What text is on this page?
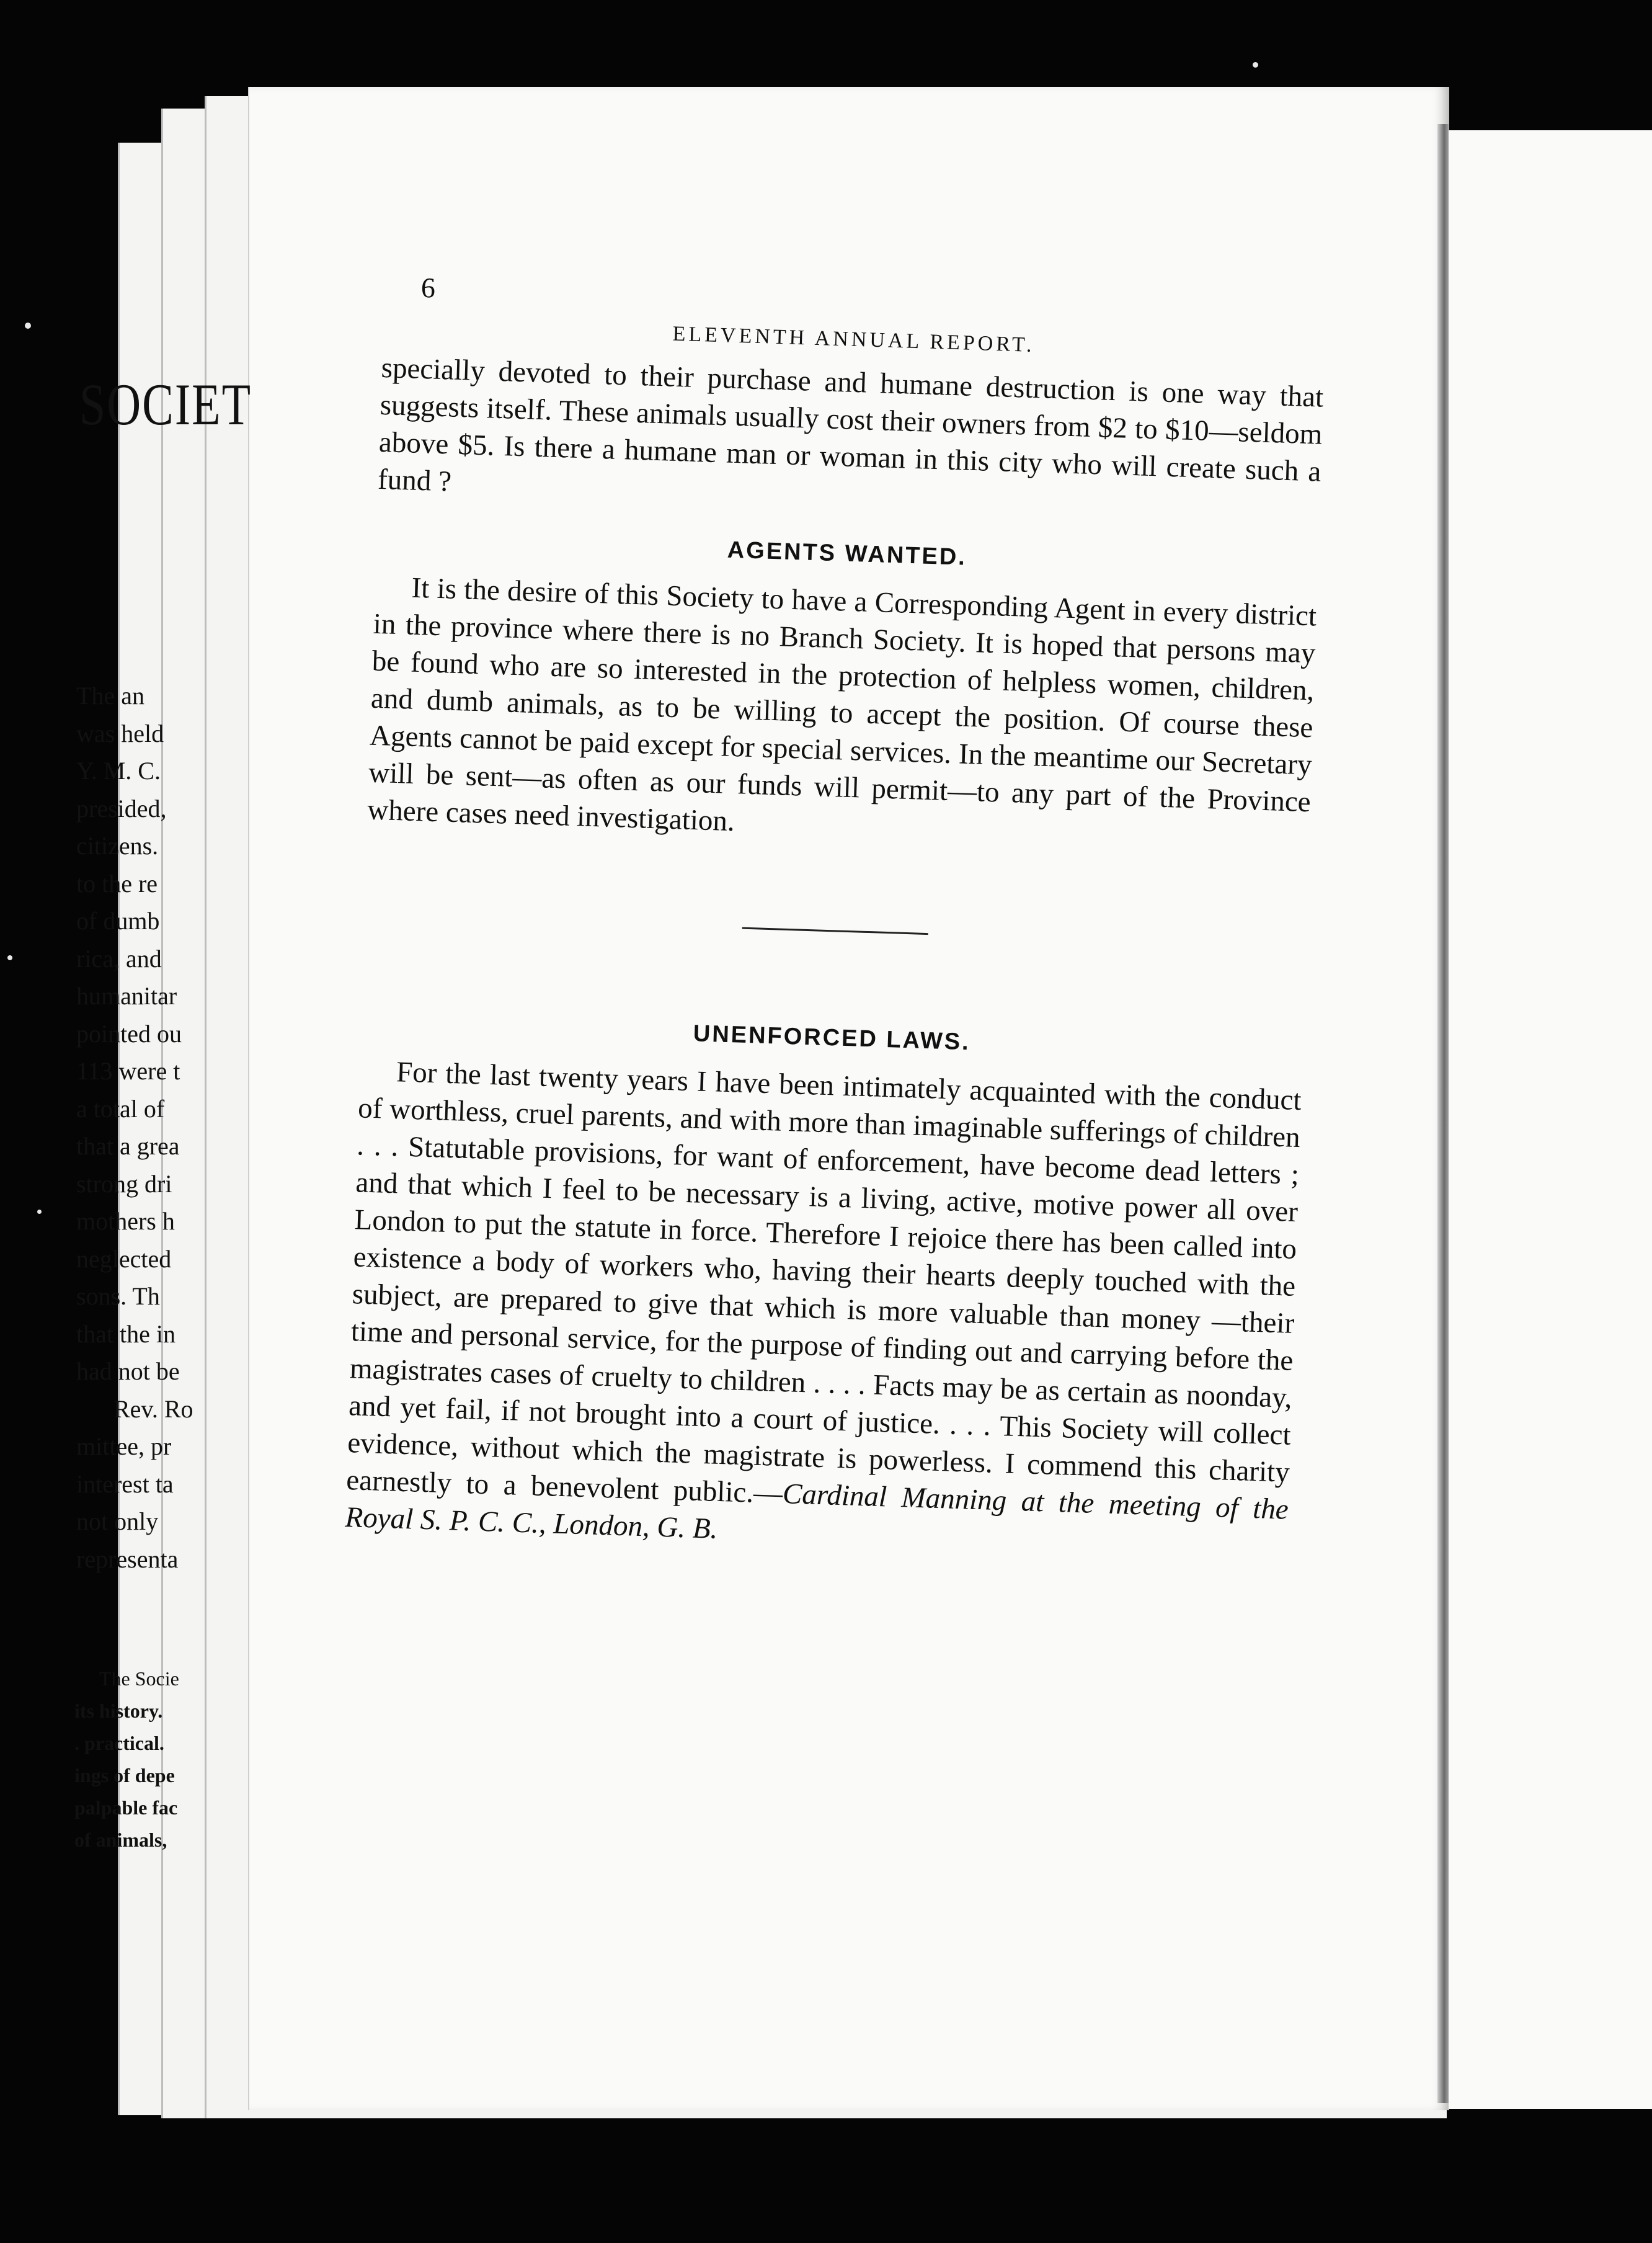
6
ELEVENTH ANNUAL REPORT.

specially devoted to their purchase and humane destruction is one way that suggests itself. These animals usually cost their owners from $2 to $10—seldom above $5. Is there a humane man or woman in this city who will create such a fund ?

AGENTS WANTED.

It is the desire of this Society to have a Corresponding Agent in every district in the province where there is no Branch Society. It is hoped that persons may be found who are so interested in the protection of helpless women, children, and dumb animals, as to be willing to accept the position. Of course these Agents cannot be paid except for special services. In the meantime our Secretary will be sent—as often as our funds will permit—to any part of the Province where cases need investigation.

UNENFORCED LAWS.

For the last twenty years I have been intimately acquainted with the conduct of worthless, cruel parents, and with more than imaginable sufferings of children . . . Statutable provisions, for want of enforcement, have become dead letters ; and that which I feel to be necessary is a living, active, motive power all over London to put the statute in force. Therefore I rejoice there has been called into existence a body of workers who, having their hearts deeply touched with the subject, are prepared to give that which is more valuable than money —their time and personal service, for the purpose of finding out and carrying before the magistrates cases of cruelty to children . . . . Facts may be as certain as noonday, and yet fail, if not brought into a court of justice. . . . This Society will collect evidence, without which the magistrate is powerless. I commend this charity earnestly to a benevolent public.—Cardinal Manning at the meeting of the Royal S. P. C. C., London, G. B.

SOCIET
The an
was held
Y. M. C.
presided,
citizens.
to the re
of dumb
rica, and
humanitar
pointed ou
113 were t
a total of
that a grea
strong dri
mothers h
neglected
sons. Th
that the in
had not be
Rev. Ro
mittee, pr
interest ta
not only
representa
The Socie
its history.
. practical.
ings of depe
palpable fac
of animals,
